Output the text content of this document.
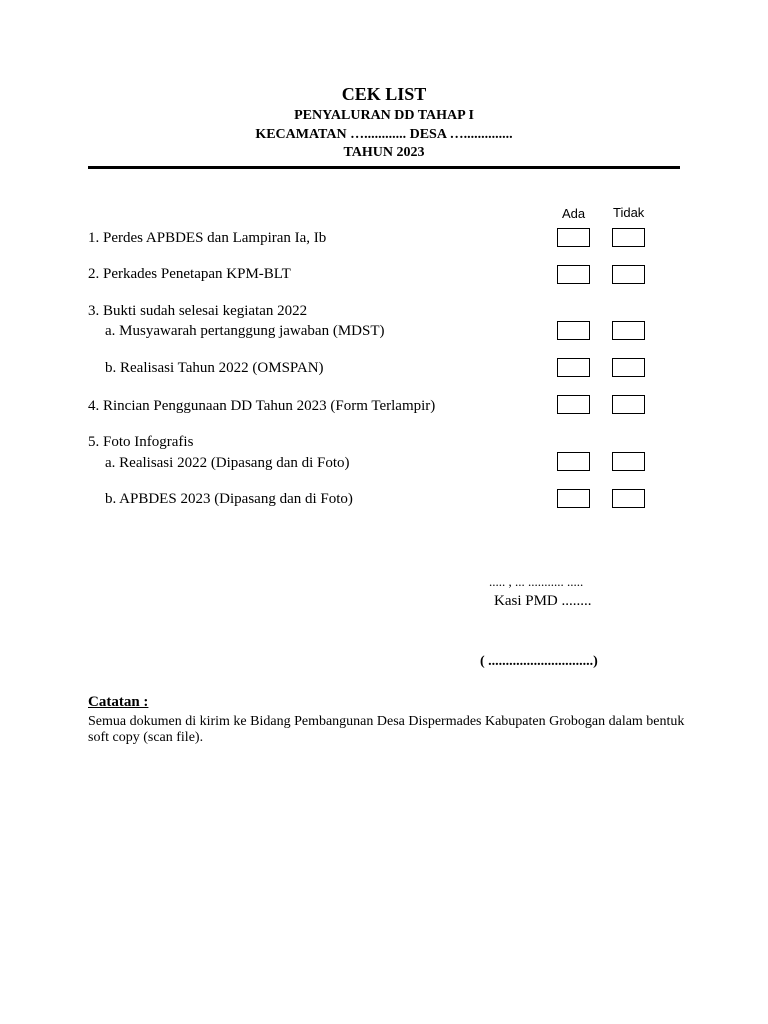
CEK LIST
PENYALURAN DD TAHAP I
KECAMATAN …............ DESA …..............
TAHUN 2023
Ada Tidak
1. Perdes APBDES dan Lampiran Ia, Ib
2. Perkades Penetapan KPM-BLT
3. Bukti sudah selesai kegiatan 2022
a. Musyawarah pertanggung jawaban (MDST)
b. Realisasi Tahun 2022 (OMSPAN)
4. Rincian Penggunaan DD Tahun 2023 (Form Terlampir)
5. Foto Infografis
a. Realisasi 2022 (Dipasang dan di Foto)
b. APBDES 2023 (Dipasang dan di Foto)
..... , ... ........... .....
Kasi PMD ........
( ..............................)
Catatan :
Semua dokumen di kirim ke Bidang Pembangunan Desa Dispermades Kabupaten Grobogan dalam bentuk soft copy (scan file).
